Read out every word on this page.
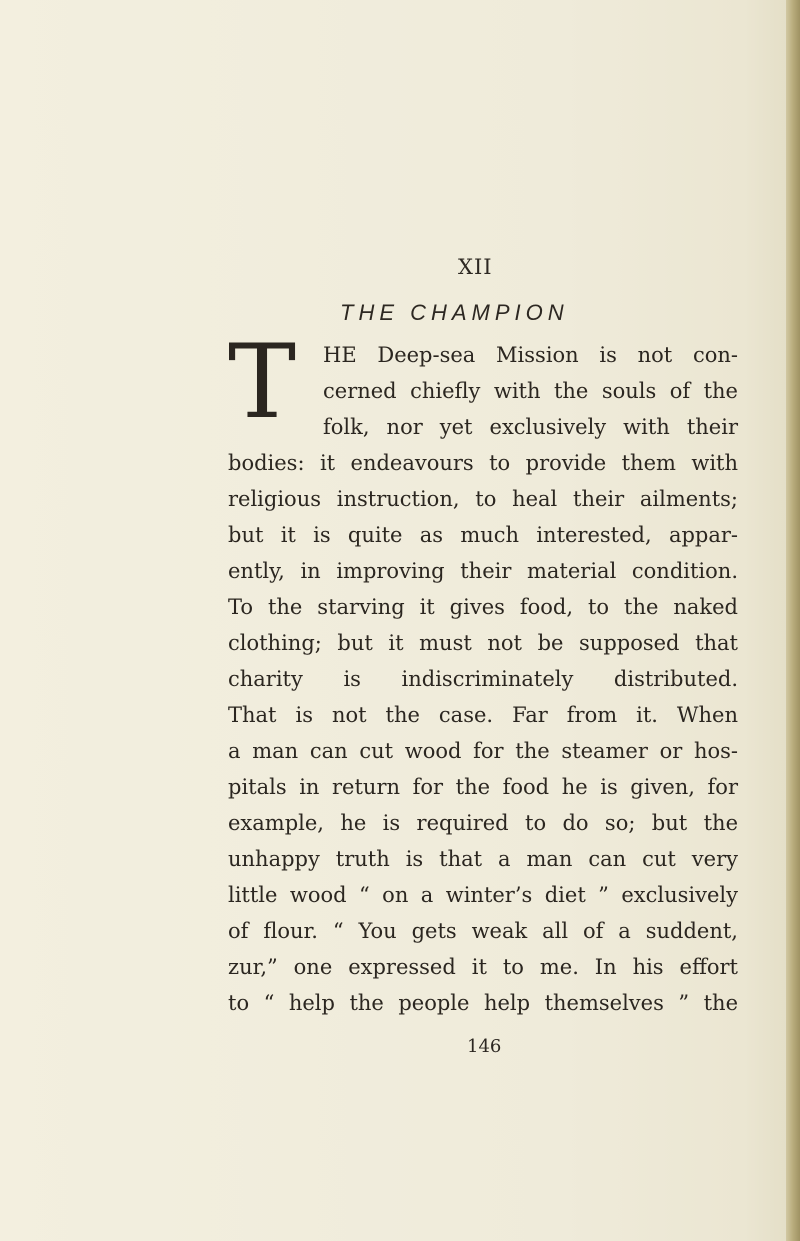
XII
THE CHAMPION
T HE Deep-sea Mission is not con-
cerned chiefly with the souls of the
folk, nor yet exclusively with their
bodies: it endeavours to provide them with
religious instruction, to heal their ailments;
but it is quite as much interested, appar-
ently, in improving their material condition.
To the starving it gives food, to the naked
clothing; but it must not be supposed that
charity is indiscriminately distributed.
That is not the case. Far from it. When
a man can cut wood for the steamer or hos-
pitals in return for the food he is given, for
example, he is required to do so; but the
unhappy truth is that a man can cut very
little wood “ on a winter’s diet ” exclusively
of flour. “ You gets weak all of a suddent,
zur,” one expressed it to me. In his effort
to “ help the people help themselves ” the
146
